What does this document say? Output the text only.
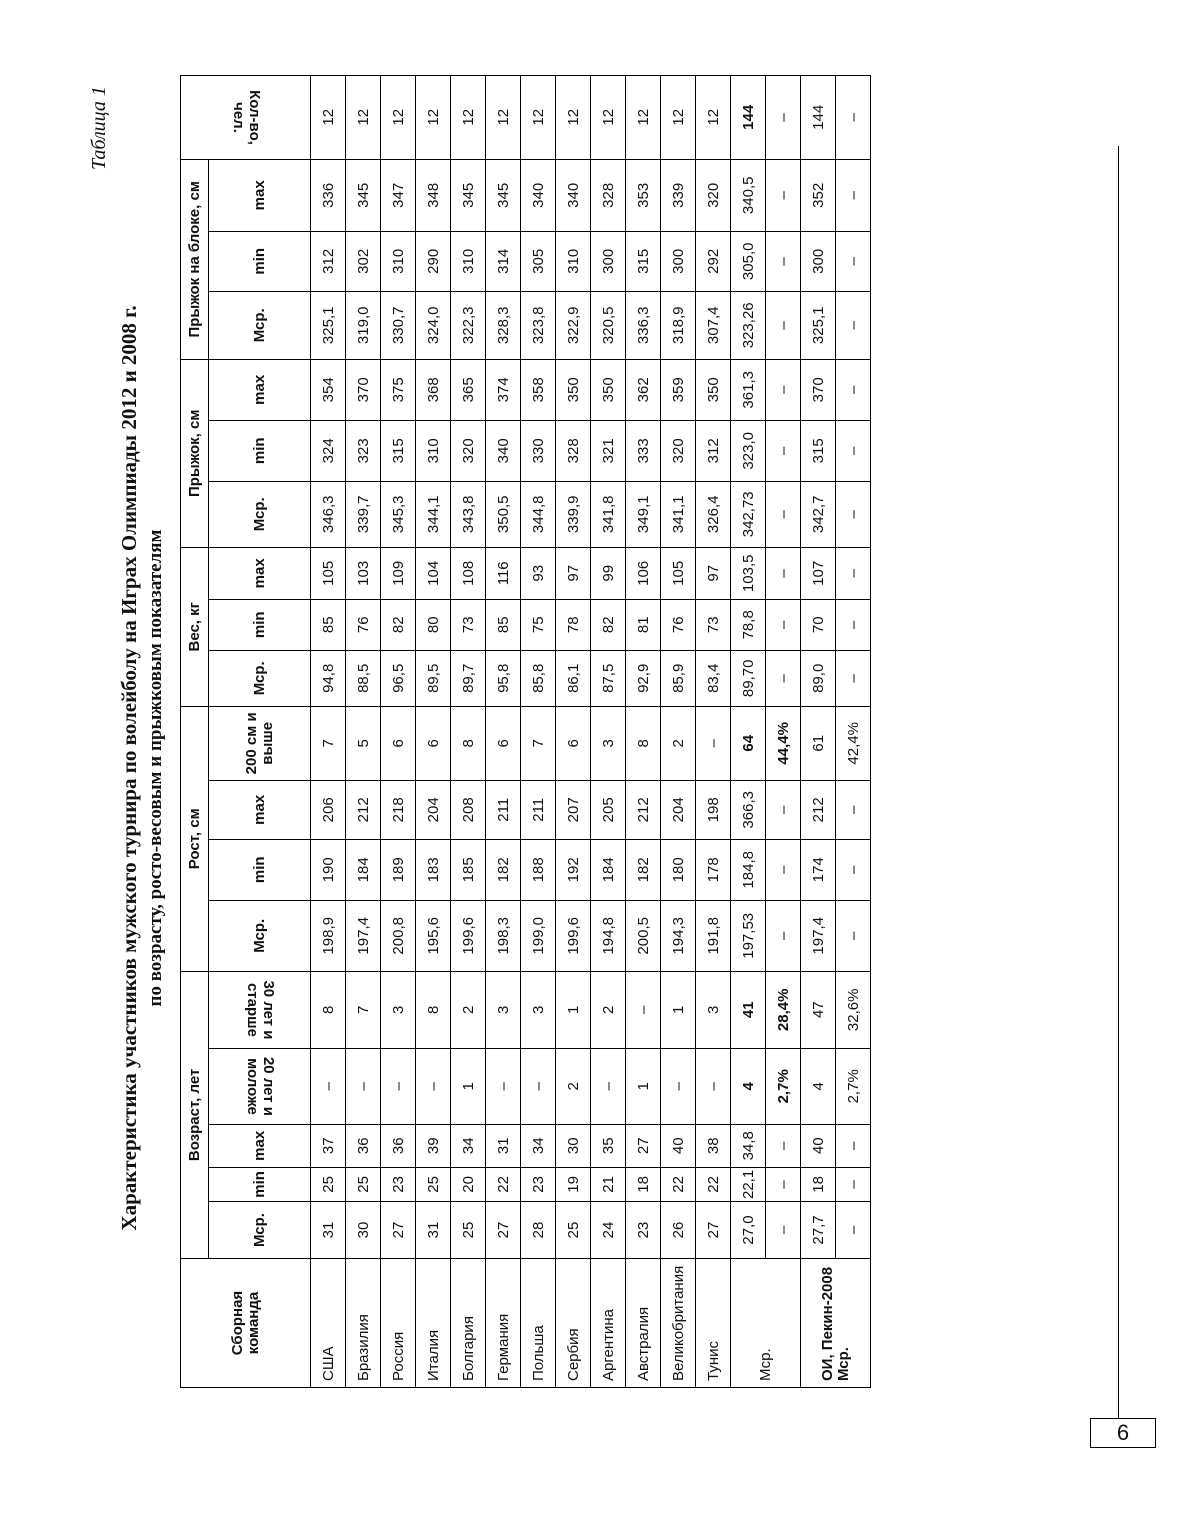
Таблица 1
Характеристика участников мужского турнира по волейболу на Играх Олимпиады 2012 и 2008 г. по возрасту, росто-весовым и прыжковым показателям
Сборная команда	Возраст, лет					Рост, см				Вес, кг			Прыжок, см			Прыжок на блоке, см			Кол-во, чел.
	Мср.	min	max	20 лет и моложе	30 лет и старше	Мср.	min	max	200 см и выше	Мср.	min	max	Мср.	min	max	Мср.	min	max	
США	31	25	37	–	8	198,9	190	206	7	94,8	85	105	346,3	324	354	325,1	312	336	12
Бразилия	30	25	36	–	7	197,4	184	212	5	88,5	76	103	339,7	323	370	319,0	302	345	12
Россия	27	23	36	–	3	200,8	189	218	6	96,5	82	109	345,3	315	375	330,7	310	347	12
Италия	31	25	39	–	8	195,6	183	204	6	89,5	80	104	344,1	310	368	324,0	290	348	12
Болгария	25	20	34	1	2	199,6	185	208	8	89,7	73	108	343,8	320	365	322,3	310	345	12
Германия	27	22	31	–	3	198,3	182	211	6	95,8	85	116	350,5	340	374	328,3	314	345	12
Польша	28	23	34	–	3	199,0	188	211	7	85,8	75	93	344,8	330	358	323,8	305	340	12
Сербия	25	19	30	2	1	199,6	192	207	6	86,1	78	97	339,9	328	350	322,9	310	340	12
Аргентина	24	21	35	–	2	194,8	184	205	3	87,5	82	99	341,8	321	350	320,5	300	328	12
Австралия	23	18	27	1	–	200,5	182	212	8	92,9	81	106	349,1	333	362	336,3	315	353	12
Великобритания	26	22	40	–	1	194,3	180	204	2	85,9	76	105	341,1	320	359	318,9	300	339	12
Тунис	27	22	38	–	3	191,8	178	198	–	83,4	73	97	326,4	312	350	307,4	292	320	12
Мср.	27,0	22,1	34,8	4	41	197,53	184,8	366,3	64	89,70	78,8	103,5	342,73	323,0	361,3	323,26	305,0	340,5	144
	–	–	–	2,7%	28,4%	–	–	–	44,4%	–	–	–	–	–	–	–	–	–	–
ОИ, Пекин-2008 Мср.	27,7	18	40	4	47	197,4	174	212	61	89,0	70	107	342,7	315	370	325,1	300	352	144
	–	–	–	2,7%	32,6%	–	–	–	42,4%	–	–	–	–	–	–	–	–	–	–
6
